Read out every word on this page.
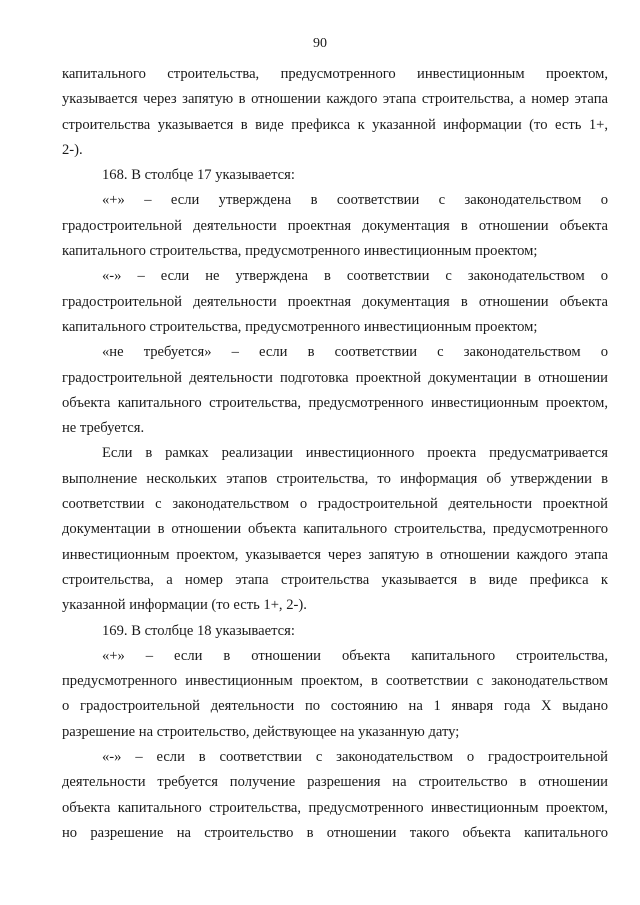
90
капитального строительства, предусмотренного инвестиционным проектом,
указывается через запятую в отношении каждого этапа строительства, а номер этапа
строительства указывается в виде префикса к указанной информации (то есть 1+,
2-).
168. В столбце 17 указывается:
«+» – если утверждена в соответствии с законодательством о
градостроительной деятельности проектная документация в отношении объекта
капитального строительства, предусмотренного инвестиционным проектом;
«-» – если не утверждена в соответствии с законодательством о
градостроительной деятельности проектная документация в отношении объекта
капитального строительства, предусмотренного инвестиционным проектом;
«не требуется» – если в соответствии с законодательством о
градостроительной деятельности подготовка проектной документации в отношении
объекта капитального строительства, предусмотренного инвестиционным проектом,
не требуется.
Если в рамках реализации инвестиционного проекта предусматривается
выполнение нескольких этапов строительства, то информация об утверждении в
соответствии с законодательством о градостроительной деятельности проектной
документации в отношении объекта капитального строительства, предусмотренного
инвестиционным проектом, указывается через запятую в отношении каждого этапа
строительства, а номер этапа строительства указывается в виде префикса к
указанной информации (то есть 1+, 2-).
169. В столбце 18 указывается:
«+» – если в отношении объекта капитального строительства,
предусмотренного инвестиционным проектом, в соответствии с законодательством
о градостроительной деятельности по состоянию на 1 января года X выдано
разрешение на строительство, действующее на указанную дату;
«-» – если в соответствии с законодательством о градостроительной
деятельности требуется получение разрешения на строительство в отношении
объекта капитального строительства, предусмотренного инвестиционным проектом,
но разрешение на строительство в отношении такого объекта капитального
